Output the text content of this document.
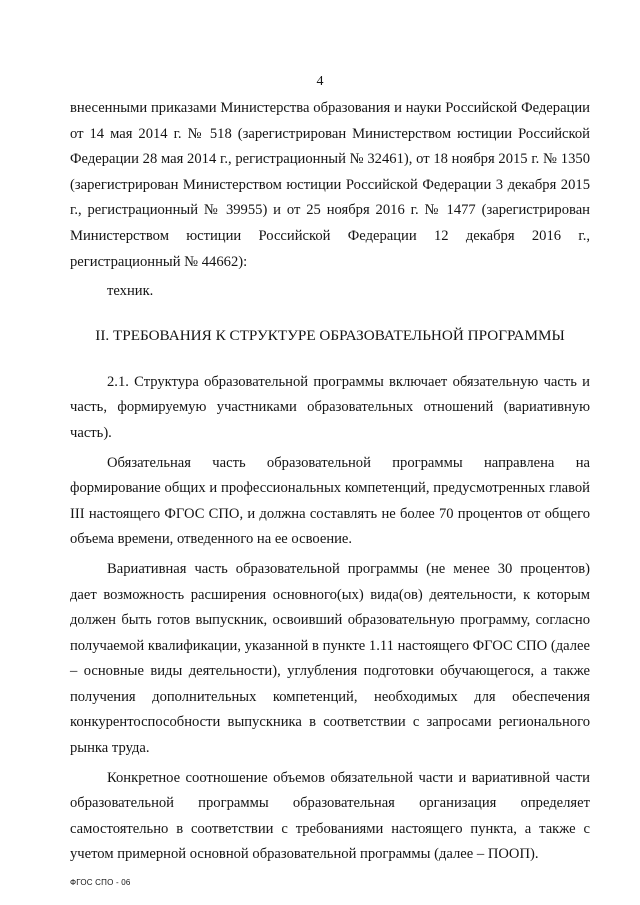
4

внесенными приказами Министерства образования и науки Российской Федерации от 14 мая 2014 г. № 518 (зарегистрирован Министерством юстиции Российской Федерации 28 мая 2014 г., регистрационный № 32461), от 18 ноября 2015 г. № 1350 (зарегистрирован Министерством юстиции Российской Федерации 3 декабря 2015 г., регистрационный № 39955) и от 25 ноября 2016 г. № 1477 (зарегистрирован Министерством юстиции Российской Федерации 12 декабря 2016 г., регистрационный № 44662):

техник.

II. ТРЕБОВАНИЯ К СТРУКТУРЕ ОБРАЗОВАТЕЛЬНОЙ ПРОГРАММЫ

2.1. Структура образовательной программы включает обязательную часть и часть, формируемую участниками образовательных отношений (вариативную часть).

Обязательная часть образовательной программы направлена на формирование общих и профессиональных компетенций, предусмотренных главой III настоящего ФГОС СПО, и должна составлять не более 70 процентов от общего объема времени, отведенного на ее освоение.

Вариативная часть образовательной программы (не менее 30 процентов) дает возможность расширения основного(ых) вида(ов) деятельности, к которым должен быть готов выпускник, освоивший образовательную программу, согласно получаемой квалификации, указанной в пункте 1.11 настоящего ФГОС СПО (далее – основные виды деятельности), углубления подготовки обучающегося, а также получения дополнительных компетенций, необходимых для обеспечения конкурентоспособности выпускника в соответствии с запросами регионального рынка труда.

Конкретное соотношение объемов обязательной части и вариативной части образовательной программы образовательная организация определяет самостоятельно в соответствии с требованиями настоящего пункта, а также с учетом примерной основной образовательной программы (далее – ПООП).

ФГОС СПО - 06
